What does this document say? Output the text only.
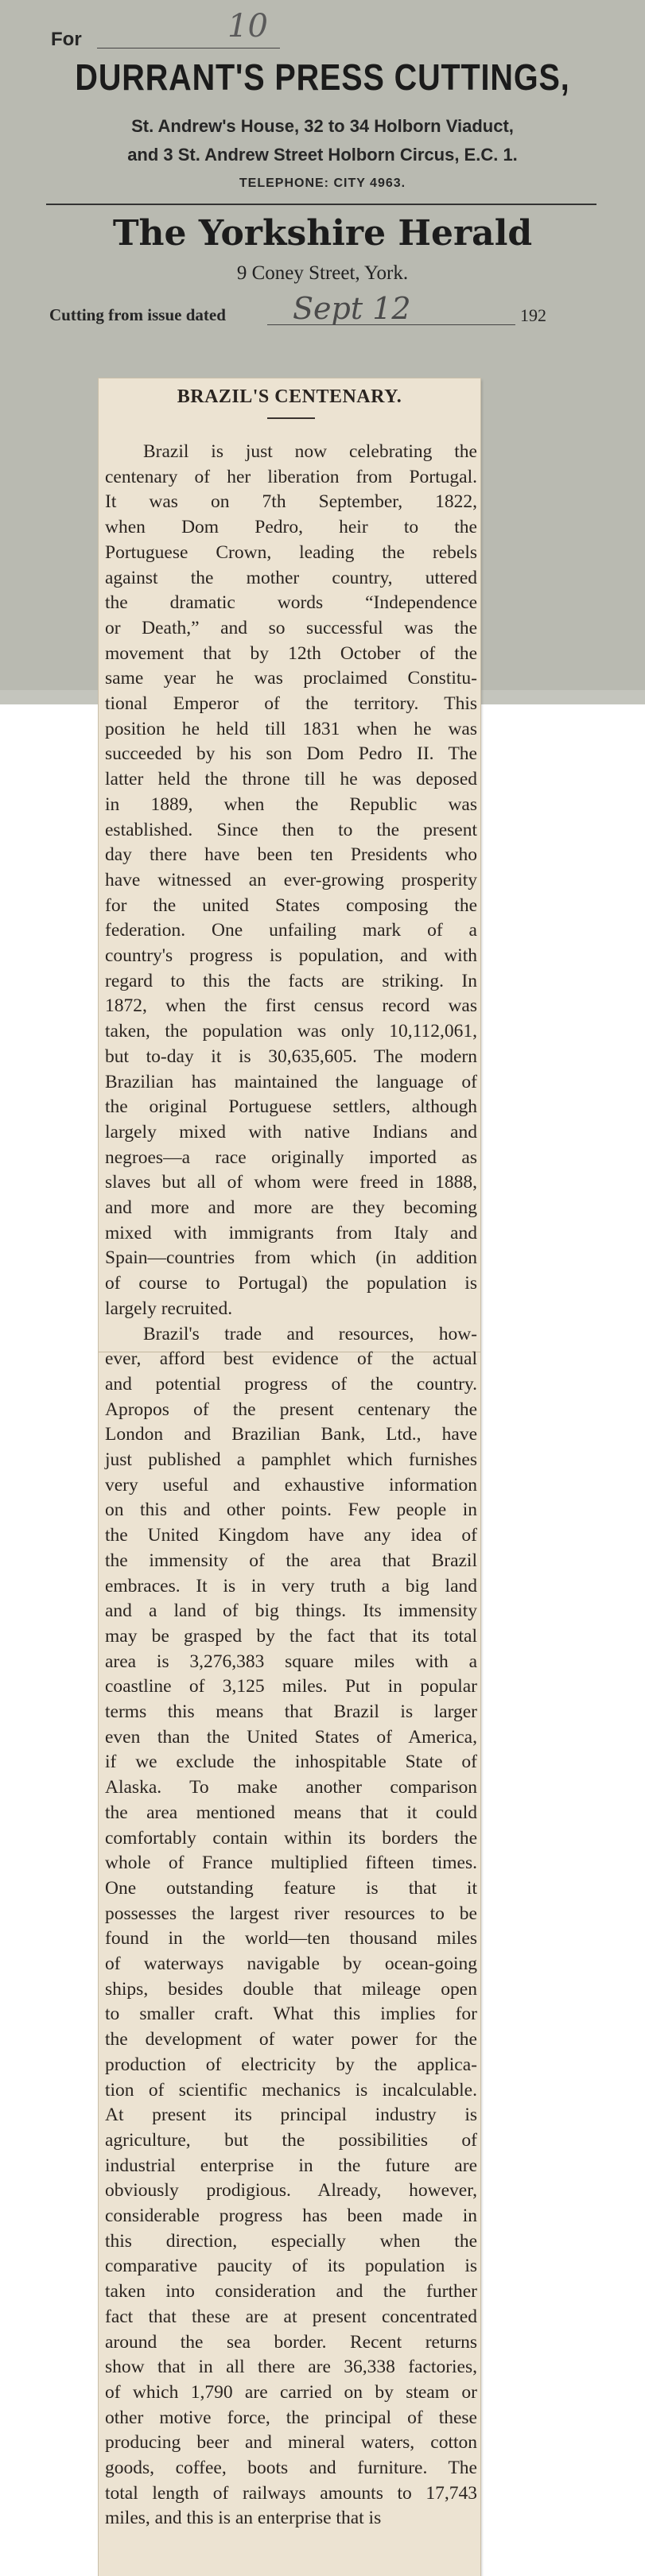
For	10
DURRANT'S PRESS CUTTINGS,
St. Andrew's House, 32 to 34 Holborn Viaduct,
and 3 St. Andrew Street Holborn Circus, E.C. 1.
TELEPHONE: CITY 4963.
The Yorkshire Herald
9 Coney Street, York.
Cutting from issue dated Sept 12	192
BRAZIL'S CENTENARY.
Brazil is just now celebrating the
centenary of her liberation from Portugal.
It was on 7th September, 1822,
when Dom Pedro, heir to the
Portuguese Crown, leading the rebels
against the mother country, uttered
the dramatic words “Independence
or Death,” and so successful was the
movement that by 12th October of the
same year he was proclaimed Constitu-
tional Emperor of the territory. This
position he held till 1831 when he was
succeeded by his son Dom Pedro II. The
latter held the throne till he was deposed
in 1889, when the Republic was
established. Since then to the present
day there have been ten Presidents who
have witnessed an ever-growing prosperity
for the united States composing the
federation. One unfailing mark of a
country's progress is population, and with
regard to this the facts are striking. In
1872, when the first census record was
taken, the population was only 10,112,061,
but to-day it is 30,635,605. The modern
Brazilian has maintained the language of
the original Portuguese settlers, although
largely mixed with native Indians and
negroes—a race originally imported as
slaves but all of whom were freed in 1888,
and more and more are they becoming
mixed with immigrants from Italy and
Spain—countries from which (in addition
of course to Portugal) the population is
largely recruited.
Brazil's trade and resources, how-
ever, afford best evidence of the actual
and potential progress of the country.
Apropos of the present centenary the
London and Brazilian Bank, Ltd., have
just published a pamphlet which furnishes
very useful and exhaustive information
on this and other points. Few people in
the United Kingdom have any idea of
the immensity of the area that Brazil
embraces. It is in very truth a big land
and a land of big things. Its immensity
may be grasped by the fact that its total
area is 3,276,383 square miles with a
coastline of 3,125 miles. Put in popular
terms this means that Brazil is larger
even than the United States of America,
if we exclude the inhospitable State of
Alaska. To make another comparison
the area mentioned means that it could
comfortably contain within its borders the
whole of France multiplied fifteen times.
One outstanding feature is that it
possesses the largest river resources to be
found in the world—ten thousand miles
of waterways navigable by ocean-going
ships, besides double that mileage open
to smaller craft. What this implies for
the development of water power for the
production of electricity by the applica-
tion of scientific mechanics is incalculable.
At present its principal industry is
agriculture, but the possibilities of
industrial enterprise in the future are
obviously prodigious. Already, however,
considerable progress has been made in
this direction, especially when the
comparative paucity of its population is
taken into consideration and the further
fact that these are at present concentrated
around the sea border. Recent returns
show that in all there are 36,338 factories,
of which 1,790 are carried on by steam or
other motive force, the principal of these
producing beer and mineral waters, cotton
goods, coffee, boots and furniture. The
total length of railways amounts to 17,743
miles, and this is an enterprise that is
